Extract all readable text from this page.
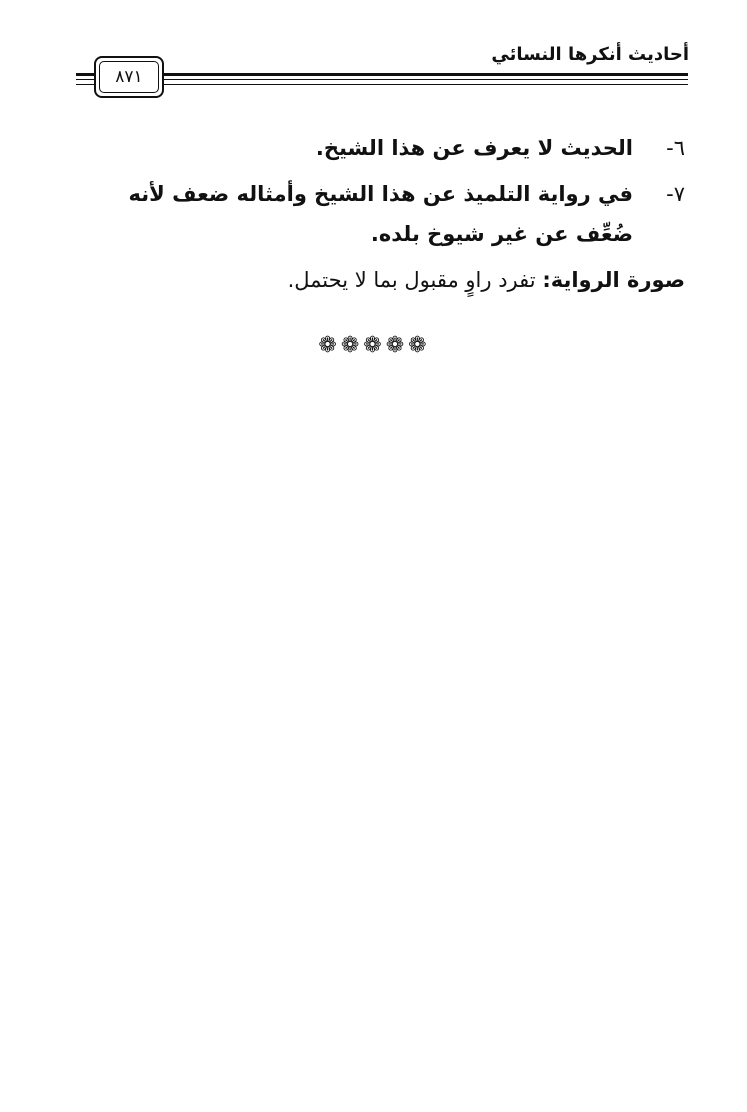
أحاديث أنكرها النسائي
٨٧١
٦-
الحديث لا يعرف عن هذا الشيخ.
٧-
في رواية التلميذ عن هذا الشيخ وأمثاله ضعف لأنه ضُعِّف عن غير شيوخ بلده.
صورة الرواية: تفرد راوٍ مقبول بما لا يحتمل.
❁❁❁❁❁
